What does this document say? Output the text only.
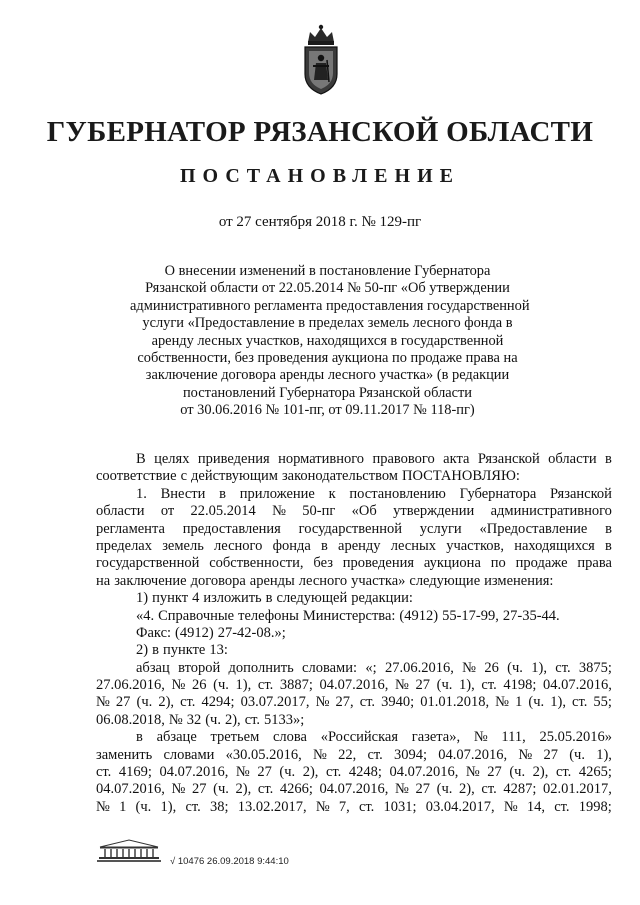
ГУБЕРНАТОР РЯЗАНСКОЙ ОБЛАСТИ
ПОСТАНОВЛЕНИЕ
от 27 сентября 2018 г. № 129-пг
О внесении изменений в постановление Губернатора
Рязанской области от 22.05.2014 № 50-пг «Об утверждении
административного регламента предоставления государственной
услуги «Предоставление в пределах земель лесного фонда в
аренду лесных участков, находящихся в государственной
собственности, без проведения аукциона по продаже права на
заключение договора аренды лесного участка» (в редакции
постановлений Губернатора Рязанской области
от 30.06.2016 № 101-пг, от 09.11.2017 № 118-пг)
В целях приведения нормативного правового акта Рязанской области в
соответствие с действующим законодательством ПОСТАНОВЛЯЮ:
1. Внести в приложение к постановлению Губернатора Рязанской
области от 22.05.2014 № 50-пг «Об утверждении административного
регламента предоставления государственной услуги «Предоставление в
пределах земель лесного фонда в аренду лесных участков, находящихся в
государственной собственности, без проведения аукциона по продаже права
на заключение договора аренды лесного участка» следующие изменения:
1) пункт 4 изложить в следующей редакции:
«4. Справочные телефоны Министерства: (4912) 55-17-99, 27-35-44.
Факс: (4912) 27-42-08.»;
2) в пункте 13:
абзац второй дополнить словами: «; 27.06.2016, № 26 (ч. 1), ст. 3875;
27.06.2016, № 26 (ч. 1), ст. 3887; 04.07.2016, № 27 (ч. 1), ст. 4198; 04.07.2016,
№ 27 (ч. 2), ст. 4294; 03.07.2017, № 27, ст. 3940; 01.01.2018, № 1 (ч. 1), ст. 55;
06.08.2018, № 32 (ч. 2), ст. 5133»;
в абзаце третьем слова «Российская газета», № 111, 25.05.2016»
заменить словами «30.05.2016, № 22, ст. 3094; 04.07.2016, № 27 (ч. 1),
ст. 4169; 04.07.2016, № 27 (ч. 2), ст. 4248; 04.07.2016, № 27 (ч. 2), ст. 4265;
04.07.2016, № 27 (ч. 2), ст. 4266; 04.07.2016, № 27 (ч. 2), ст. 4287; 02.01.2017,
№ 1 (ч. 1), ст. 38; 13.02.2017, № 7, ст. 1031; 03.04.2017, № 14, ст. 1998;
√ 10476 26.09.2018 9:44:10
